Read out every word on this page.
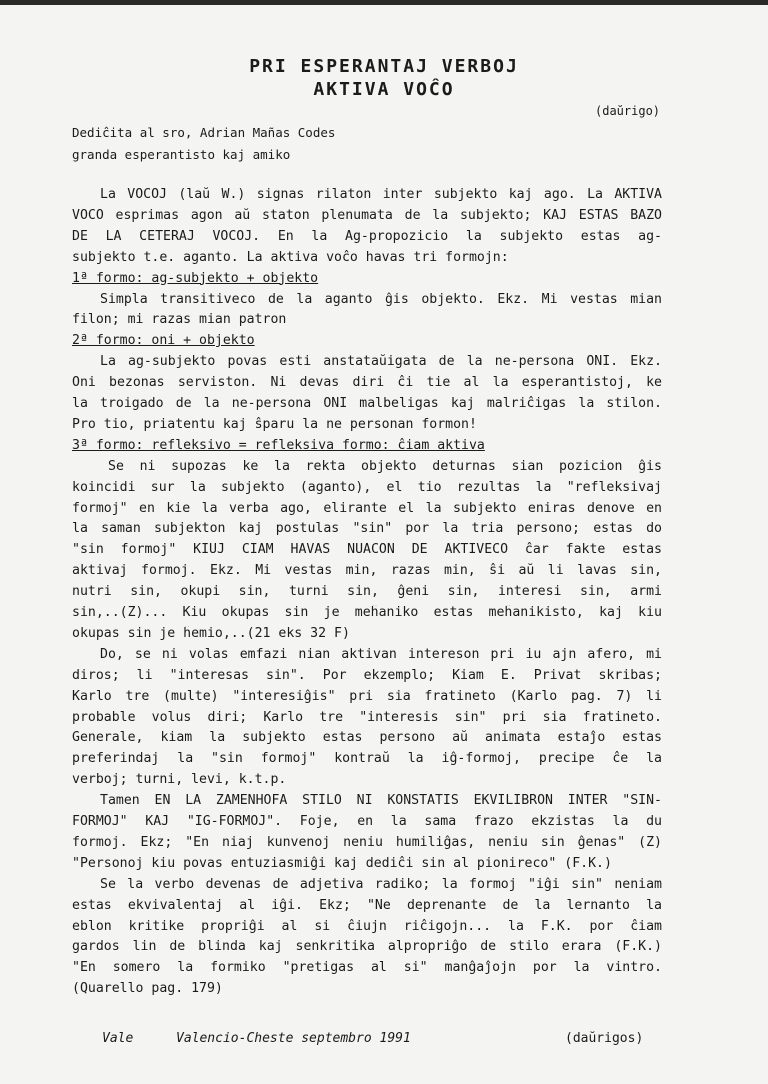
PRI ESPERANTAJ VERBOJ
AKTIVA VOĈO
(daŭrigo)
Dediĉita al sro, Adrian Mañas Codes
granda esperantisto kaj amiko
La VOĈOJ (laŭ W.) signas rilaton inter subjekto kaj ago. La AKTIVA
VOĈO esprimas agon aŭ staton plenumata de la subjekto; KAJ ESTAS BAZO
DE LA CETERAJ VOĈOJ. En la Ag-propozicio la subjekto estas ag-
subjekto t.e. aganto. La aktiva voĉo havas tri formojn:
1ª formo: ag-subjekto + objekto
Simpla transitiveco de la aganto ĝis objekto. Ekz. Mi vestas mian
filon; mi razas mian patron
2ª formo: oni + objekto
La ag-subjekto povas esti anstataŭigata de la ne-persona ONI. Ekz.
Oni bezonas serviston. Ni devas diri ĉi tie al la esperantistoj, ke
la troigado de la ne-persona ONI malbeligas kaj malriĉigas la stilon.
Pro tio, priatentu kaj ŝparu la ne personan formon!
3ª formo: refleksivo = refleksiva formo: ĉiam aktiva
Se ni supozas ke la rekta objekto deturnas sian pozicion ĝis
koincidi sur la subjekto (aganto), el tio rezultas la "refleksivaj
formoj" en kie la verba ago, elirante el la subjekto eniras denove en
la saman subjekton kaj postulas "sin" por la tria persono; estas do
"sin formoj" KIUJ ĈIAM HAVAS NUACON DE AKTIVECO ĉar fakte estas
aktivaj formoj. Ekz. Mi vestas min, razas min, ŝi aŭ li lavas sin,
nutri sin, okupi sin, turni sin, ĝeni sin, interesi sin, armi
sin,..(Z)... Kiu okupas sin je meĥaniko estas meĥanikisto, kaj kiu
okupas sin je ĥemio,..(21 eks 32 F)
Do, se ni volas emfazi nian aktivan intereson pri iu ajn afero, mi
diros; li "interesas sin". Por ekzemplo; Kiam E. Privat skribas;
Karlo tre (multe) "interesiĝis" pri sia fratineto (Karlo pag. 7) li
probable volus diri; Karlo tre "interesis sin" pri sia fratineto.
Ĝenerale, kiam la subjekto estas persono aŭ animata estaĵo estas
preferindaj la "sin formoj" kontraŭ la iĝ-formoj, precipe ĉe la
verboj; turni, levi, k.t.p.
Tamen EN LA ZAMENHOFA STILO NI KONSTATIS EKVILIBRON INTER "SIN-
FORMOJ" KAJ "IĜ-FORMOJ". Foje, en la sama frazo ekzistas la du
formoj. Ekz; "En niaj kunvenoj neniu humiliĝas, neniu sin ĝenas" (Z)
"Personoj kiu povas entuziasmiĝi kaj dediĉi sin al pionireco" (F.K.)
Se la verbo devenas de adjetiva radiko; la formoj "iĝi sin" neniam
estas ekvivalentaj al iĝi. Ekz; "Ne deprenante de la lernanto la
eblon kritike propriĝi al si ĉiujn riĉigojn... la F.K. por ĉiam
gardos lin de blinda kaj senkritika alpropriĝo de stilo erara (F.K.)
"En somero la formiko "pretigas al si" manĝaĵojn por la vintro.
(Quarello pag. 179)
Vale	Valencio-Cheste septembro 1991	(daŭrigos)
